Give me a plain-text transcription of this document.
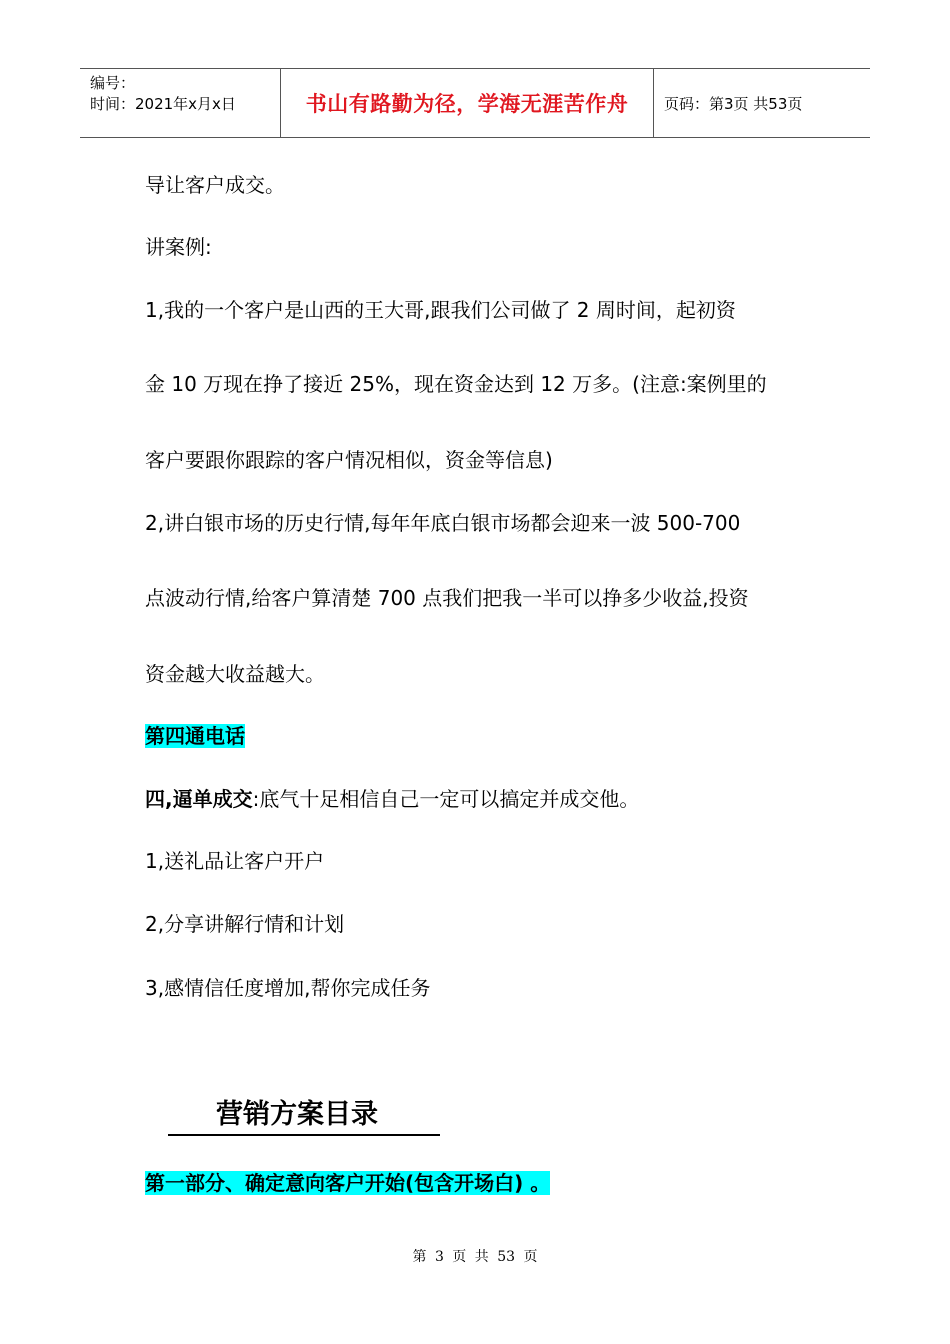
编号：
时间：2021年x月x日	书山有路勤为径，学海无涯苦作舟	页码：第3页 共53页
导让客户成交。
讲案例:
1,我的一个客户是山西的王大哥,跟我们公司做了 2 周时间，起初资
金 10 万现在挣了接近 25%，现在资金达到 12 万多。(注意:案例里的
客户要跟你跟踪的客户情况相似，资金等信息)
2,讲白银市场的历史行情,每年年底白银市场都会迎来一波 500-700
点波动行情,给客户算清楚 700 点我们把我一半可以挣多少收益,投资
资金越大收益越大。
第四通电话
四,逼单成交:底气十足相信自己一定可以搞定并成交他。
1,送礼品让客户开户
2,分享讲解行情和计划
3,感情信任度增加,帮你完成任务
第一部分、确定意向客户开始(包含开场白) 。
营销方案目录
第 3 页 共 53 页
